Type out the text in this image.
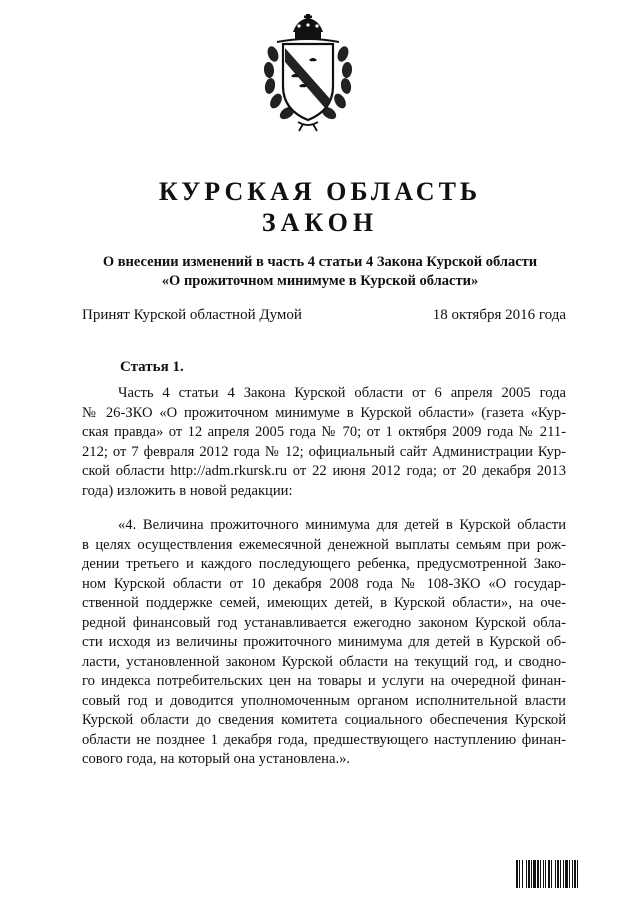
КУРСКАЯ ОБЛАСТЬ
ЗАКОН
О внесении изменений в часть 4 статьи 4 Закона Курской области
«О прожиточном минимуме в Курской области»
Принят Курской областной Думой	18 октября 2016 года
Статья 1.
Часть 4 статьи 4 Закона Курской области от 6 апреля 2005 года
№ 26-ЗКО «О прожиточном минимуме в Курской области» (газета «Кур-
ская правда» от 12 апреля 2005 года № 70; от 1 октября 2009 года № 211-
212; от 7 февраля 2012 года № 12; официальный сайт Администрации Кур-
ской области http://adm.rkursk.ru от 22 июня 2012 года; от 20 декабря 2013
года) изложить в новой редакции:
«4. Величина прожиточного минимума для детей в Курской области
в целях осуществления ежемесячной денежной выплаты семьям при рож-
дении третьего и каждого последующего ребенка, предусмотренной Зако-
ном Курской области от 10 декабря 2008 года № 108-ЗКО «О государ-
ственной поддержке семей, имеющих детей, в Курской области», на оче-
редной финансовый год устанавливается ежегодно законом Курской обла-
сти исходя из величины прожиточного минимума для детей в Курской об-
ласти, установленной законом Курской области на текущий год, и сводно-
го индекса потребительских цен на товары и услуги на очередной финан-
совый год и доводится уполномоченным органом исполнительной власти
Курской области до сведения комитета социального обеспечения Курской
области не позднее 1 декабря года, предшествующего наступлению финан-
сового года, на который она установлена.».
